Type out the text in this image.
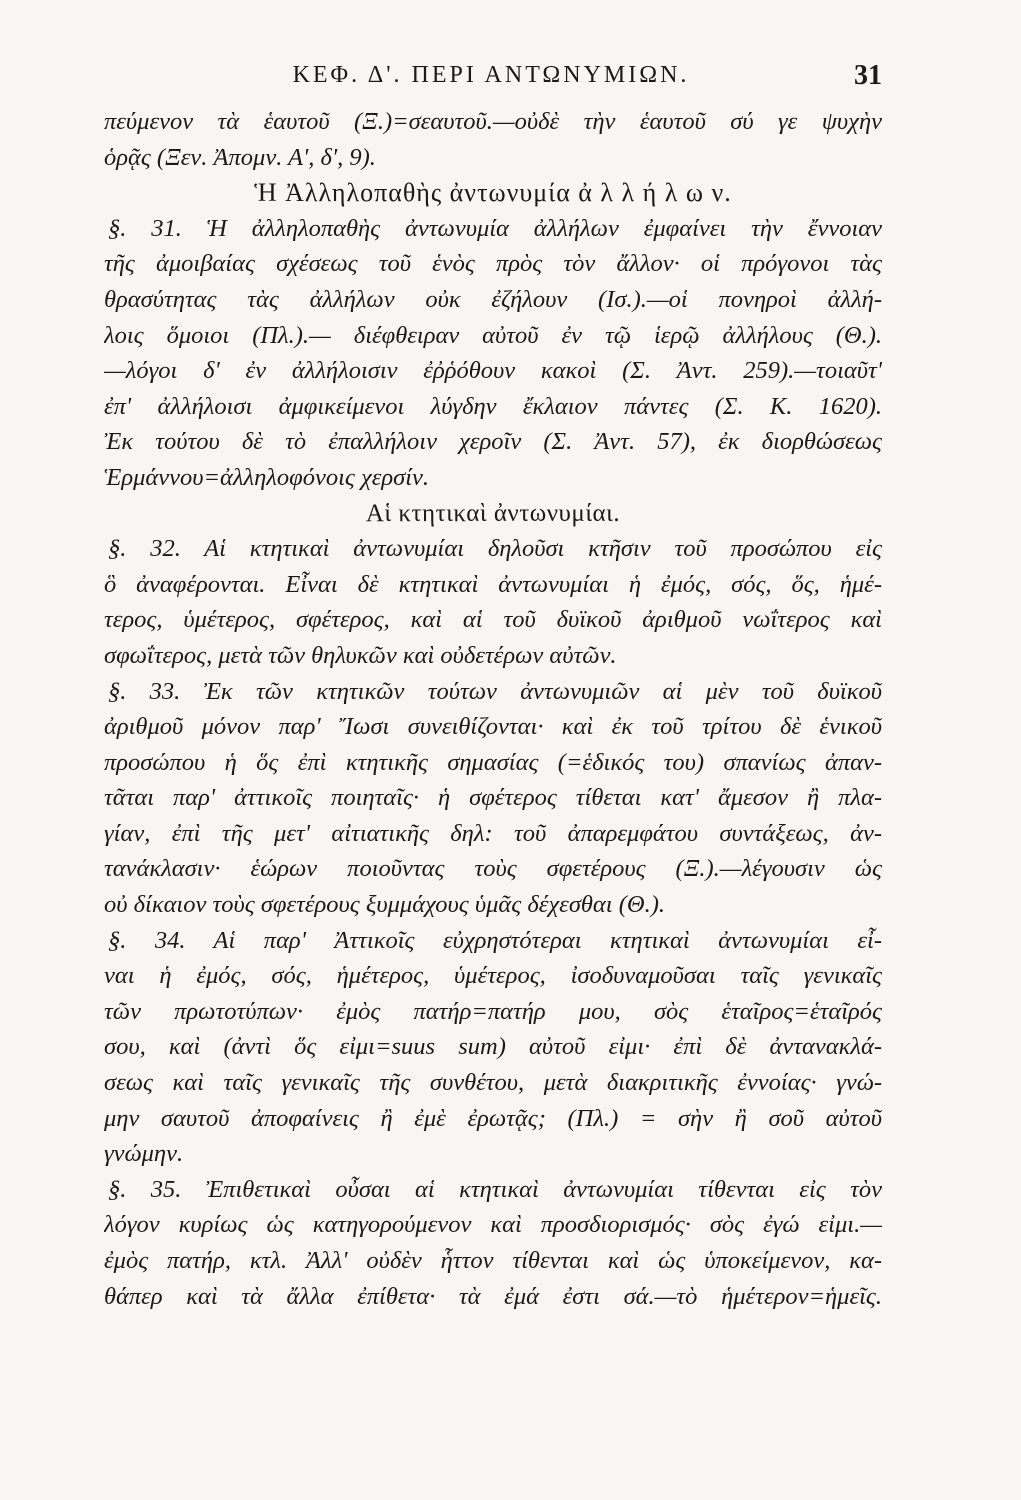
ΚΕΦ. Δ'. ΠΕΡΙ ΑΝΤΩΝΥΜΙΩΝ.	31
πεύμενον τὰ ἑαυτοῦ (Ξ.)=σεαυτοῦ.—οὐδὲ τὴν ἑαυτοῦ σύ γε ψυχὴν
ὁρᾷς (Ξεν. Ἀπομν. Α', δ', 9).
Ἡ Ἀλληλοπαθὴς ἀντωνυμία ἀ λ λ ή λ ω ν.
§. 31. Ἡ ἀλληλοπαθὴς ἀντωνυμία ἀλλήλων ἐμφαίνει τὴν ἔννοιαν
τῆς ἀμοιβαίας σχέσεως τοῦ ἑνὸς πρὸς τὸν ἄλλον· οἱ πρόγονοι τὰς
θρασύτητας τὰς ἀλλήλων οὐκ ἐζήλουν (Ισ.).—οἱ πονηροὶ ἀλλή-
λοις ὅμοιοι (Πλ.).— διέφθειραν αὐτοῦ ἐν τῷ ἱερῷ ἀλλήλους (Θ.).
—λόγοι δ' ἐν ἀλλήλοισιν ἐῤῥόθουν κακοὶ (Σ. Ἀντ. 259).—τοιαῦτ'
ἐπ' ἀλλήλοισι ἀμφικείμενοι λύγδην ἔκλαιον πάντες (Σ. Κ. 1620).
Ἐκ τούτου δὲ τὸ ἐπαλλήλοιν χεροῖν (Σ. Ἀντ. 57), ἐκ διορθώσεως
Ἑρμάννου=ἀλληλοφόνοις χερσίν.
Αἱ κτητικαὶ ἀντωνυμίαι.
§. 32. Αἱ κτητικαὶ ἀντωνυμίαι δηλοῦσι κτῆσιν τοῦ προσώπου εἰς
ὃ ἀναφέρονται. Εἶναι δὲ κτητικαὶ ἀντωνυμίαι ἡ ἐμός, σός, ὅς, ἡμέ-
τερος, ὑμέτερος, σφέτερος, καὶ αἱ τοῦ δυϊκοῦ ἀριθμοῦ νωΐτερος καὶ
σφωΐτερος, μετὰ τῶν θηλυκῶν καὶ οὐδετέρων αὐτῶν.
§. 33. Ἐκ τῶν κτητικῶν τούτων ἀντωνυμιῶν αἱ μὲν τοῦ δυϊκοῦ
ἀριθμοῦ μόνον παρ' Ἴωσι συνειθίζονται· καὶ ἐκ τοῦ τρίτου δὲ ἑνικοῦ
προσώπου ἡ ὅς ἐπὶ κτητικῆς σημασίας (=ἑδικός του) σπανίως ἀπαν-
τᾶται παρ' ἀττικοῖς ποιηταῖς· ἡ σφέτερος τίθεται κατ' ἄμεσον ἢ πλα-
γίαν, ἐπὶ τῆς μετ' αἰτιατικῆς δηλ: τοῦ ἀπαρεμφάτου συντάξεως, ἀν-
τανάκλασιν· ἑώρων ποιοῦντας τοὺς σφετέρους (Ξ.).—λέγουσιν ὡς
οὐ δίκαιον τοὺς σφετέρους ξυμμάχους ὑμᾶς δέχεσθαι (Θ.).
§. 34. Αἱ παρ' Ἀττικοῖς εὐχρηστότεραι κτητικαὶ ἀντωνυμίαι εἶ-
ναι ἡ ἐμός, σός, ἡμέτερος, ὑμέτερος, ἰσοδυναμοῦσαι ταῖς γενικαῖς
τῶν πρωτοτύπων· ἐμὸς πατήρ=πατήρ μου, σὸς ἑταῖρος=ἑταῖρός
σου, καὶ (ἀντὶ ὅς εἰμι=suus sum) αὐτοῦ εἰμι· ἐπὶ δὲ ἀντανακλά-
σεως καὶ ταῖς γενικαῖς τῆς συνθέτου, μετὰ διακριτικῆς ἐννοίας· γνώ-
μην σαυτοῦ ἀποφαίνεις ἢ ἐμὲ ἐρωτᾷς; (Πλ.) = σὴν ἢ σοῦ αὐτοῦ
γνώμην.
§. 35. Ἐπιθετικαὶ οὖσαι αἱ κτητικαὶ ἀντωνυμίαι τίθενται εἰς τὸν
λόγον κυρίως ὡς κατηγορούμενον καὶ προσδιορισμός· σὸς ἐγώ εἰμι.—
ἐμὸς πατήρ, κτλ. Ἀλλ' οὐδὲν ἧττον τίθενται καὶ ὡς ὑποκείμενον, κα-
θάπερ καὶ τὰ ἄλλα ἐπίθετα· τὰ ἐμά ἐστι σά.—τὸ ἡμέτερον=ἡμεῖς.
